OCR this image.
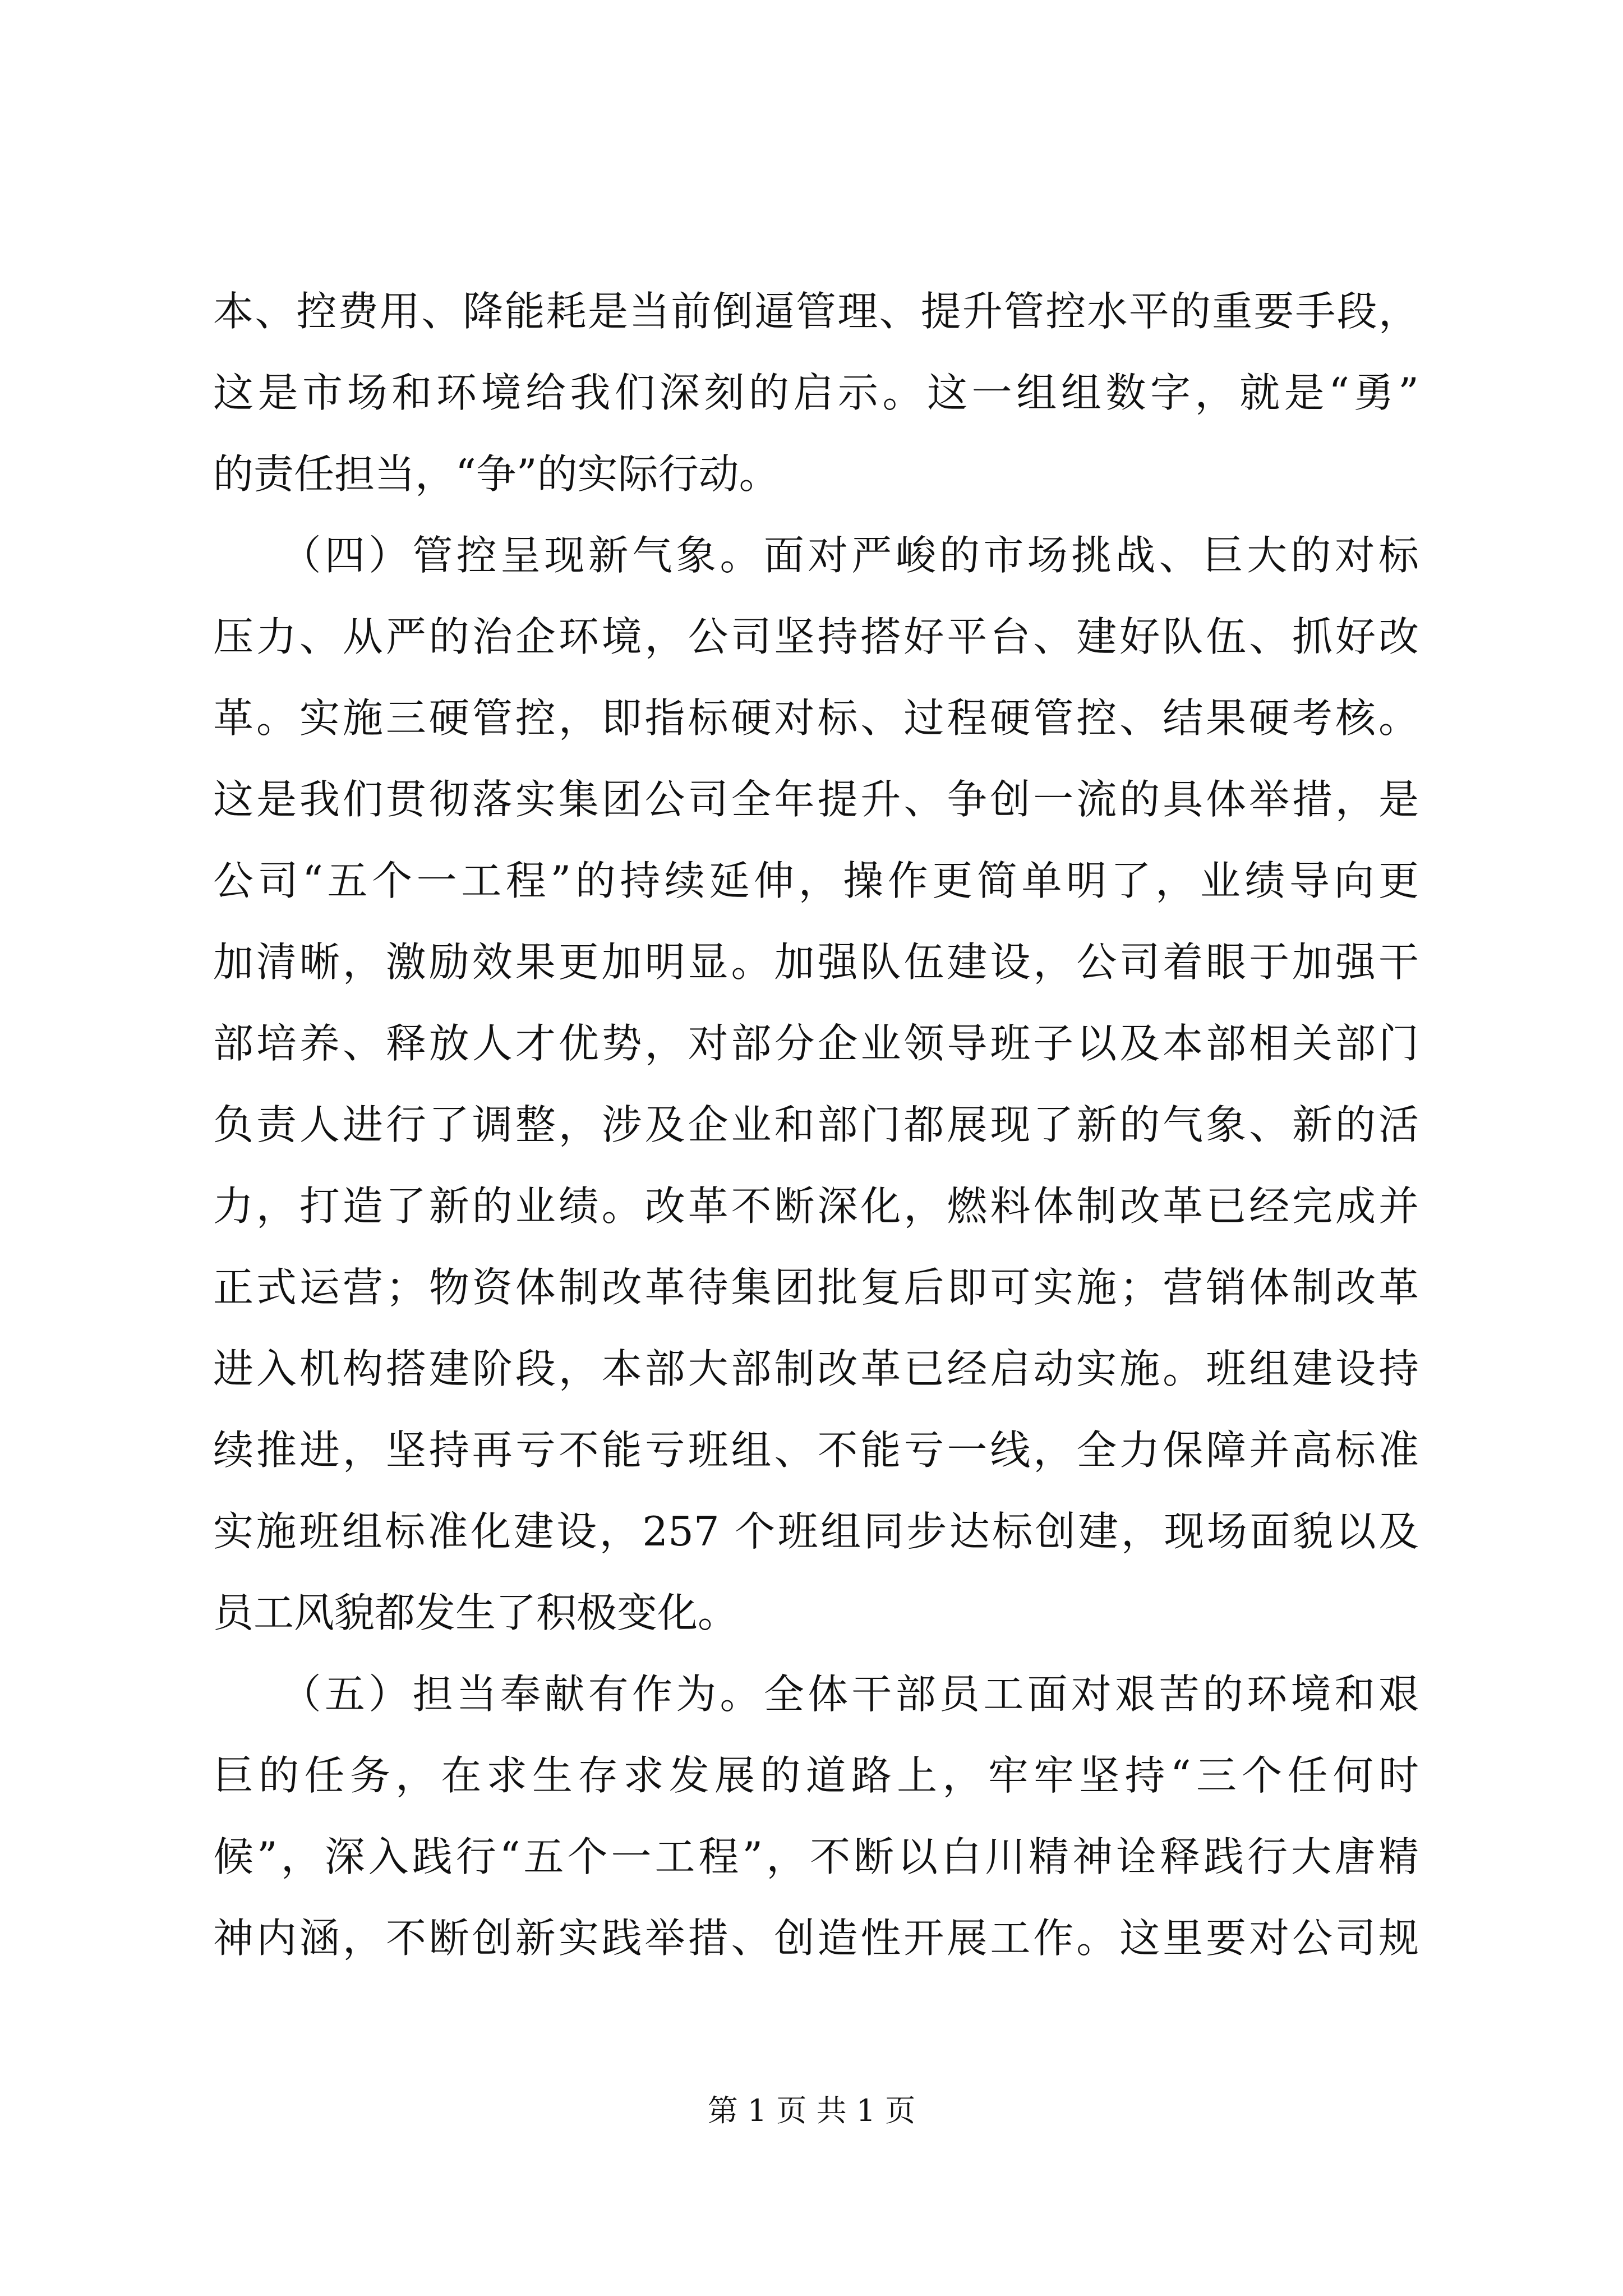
本、控费用、降能耗是当前倒逼管理、提升管控水平的重要手段，
这是市场和环境给我们深刻的启示。这一组组数字，就是“勇”
的责任担当，“争”的实际行动。
　　（四）管控呈现新气象。面对严峻的市场挑战、巨大的对标
压力、从严的治企环境，公司坚持搭好平台、建好队伍、抓好改
革。实施三硬管控，即指标硬对标、过程硬管控、结果硬考核。
这是我们贯彻落实集团公司全年提升、争创一流的具体举措，是
公司“五个一工程”的持续延伸，操作更简单明了，业绩导向更
加清晰，激励效果更加明显。加强队伍建设，公司着眼于加强干
部培养、释放人才优势，对部分企业领导班子以及本部相关部门
负责人进行了调整，涉及企业和部门都展现了新的气象、新的活
力，打造了新的业绩。改革不断深化，燃料体制改革已经完成并
正式运营；物资体制改革待集团批复后即可实施；营销体制改革
进入机构搭建阶段，本部大部制改革已经启动实施。班组建设持
续推进，坚持再亏不能亏班组、不能亏一线，全力保障并高标准
实施班组标准化建设，257 个班组同步达标创建，现场面貌以及
员工风貌都发生了积极变化。
　　（五）担当奉献有作为。全体干部员工面对艰苦的环境和艰
巨的任务，在求生存求发展的道路上，牢牢坚持“三个任何时
候”，深入践行“五个一工程”，不断以白川精神诠释践行大唐精
神内涵，不断创新实践举措、创造性开展工作。这里要对公司规
第 1 页 共 1 页
